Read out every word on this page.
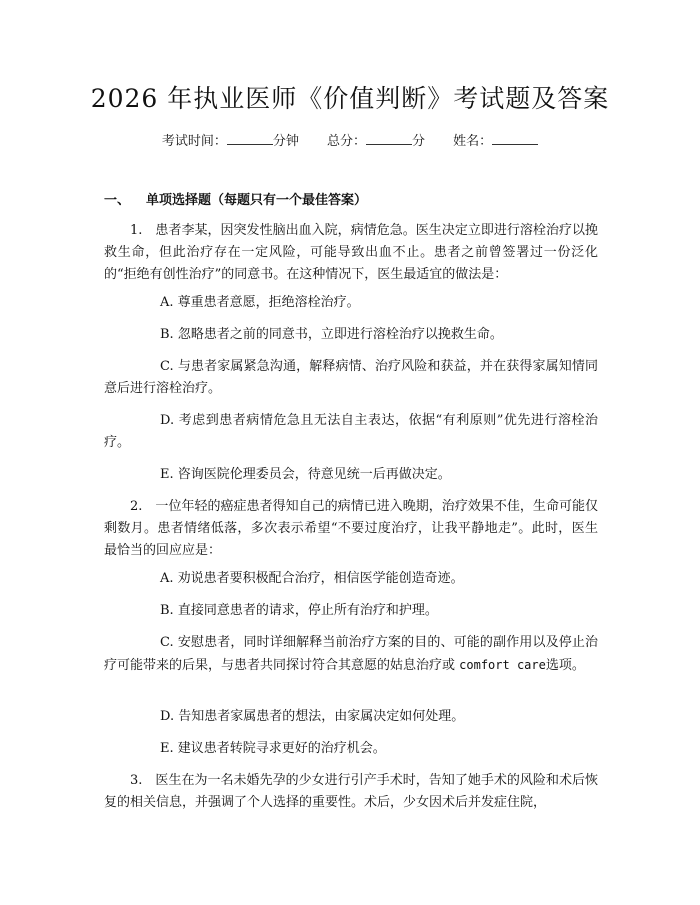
2026 年执业医师《价值判断》考试题及答案
考试时间：	分钟 总分：	分 姓名：
一、 单项选择题（每题只有一个最佳答案）
1.　患者李某，因突发性脑出血入院，病情危急。医生决定立即进行溶栓治疗以挽救生命，但此治疗存在一定风险，可能导致出血不止。患者之前曾签署过一份泛化的“拒绝有创性治疗”的同意书。在这种情况下，医生最适宜的做法是：
A. 尊重患者意愿，拒绝溶栓治疗。
B. 忽略患者之前的同意书，立即进行溶栓治疗以挽救生命。
C. 与患者家属紧急沟通，解释病情、治疗风险和获益，并在获得家属知情同意后进行溶栓治疗。
D. 考虑到患者病情危急且无法自主表达，依据“有利原则”优先进行溶栓治疗。
E. 咨询医院伦理委员会，待意见统一后再做决定。
2.　一位年轻的癌症患者得知自己的病情已进入晚期，治疗效果不佳，生命可能仅剩数月。患者情绪低落，多次表示希望“不要过度治疗，让我平静地走”。此时，医生最恰当的回应应是：
A. 劝说患者要积极配合治疗，相信医学能创造奇迹。
B. 直接同意患者的请求，停止所有治疗和护理。
C. 安慰患者，同时详细解释当前治疗方案的目的、可能的副作用以及停止治疗可能带来的后果，与患者共同探讨符合其意愿的姑息治疗或 comfort care选项。
D. 告知患者家属患者的想法，由家属决定如何处理。
E. 建议患者转院寻求更好的治疗机会。
3.　医生在为一名未婚先孕的少女进行引产手术时，告知了她手术的风险和术后恢复的相关信息，并强调了个人选择的重要性。术后，少女因术后并发症住院，
